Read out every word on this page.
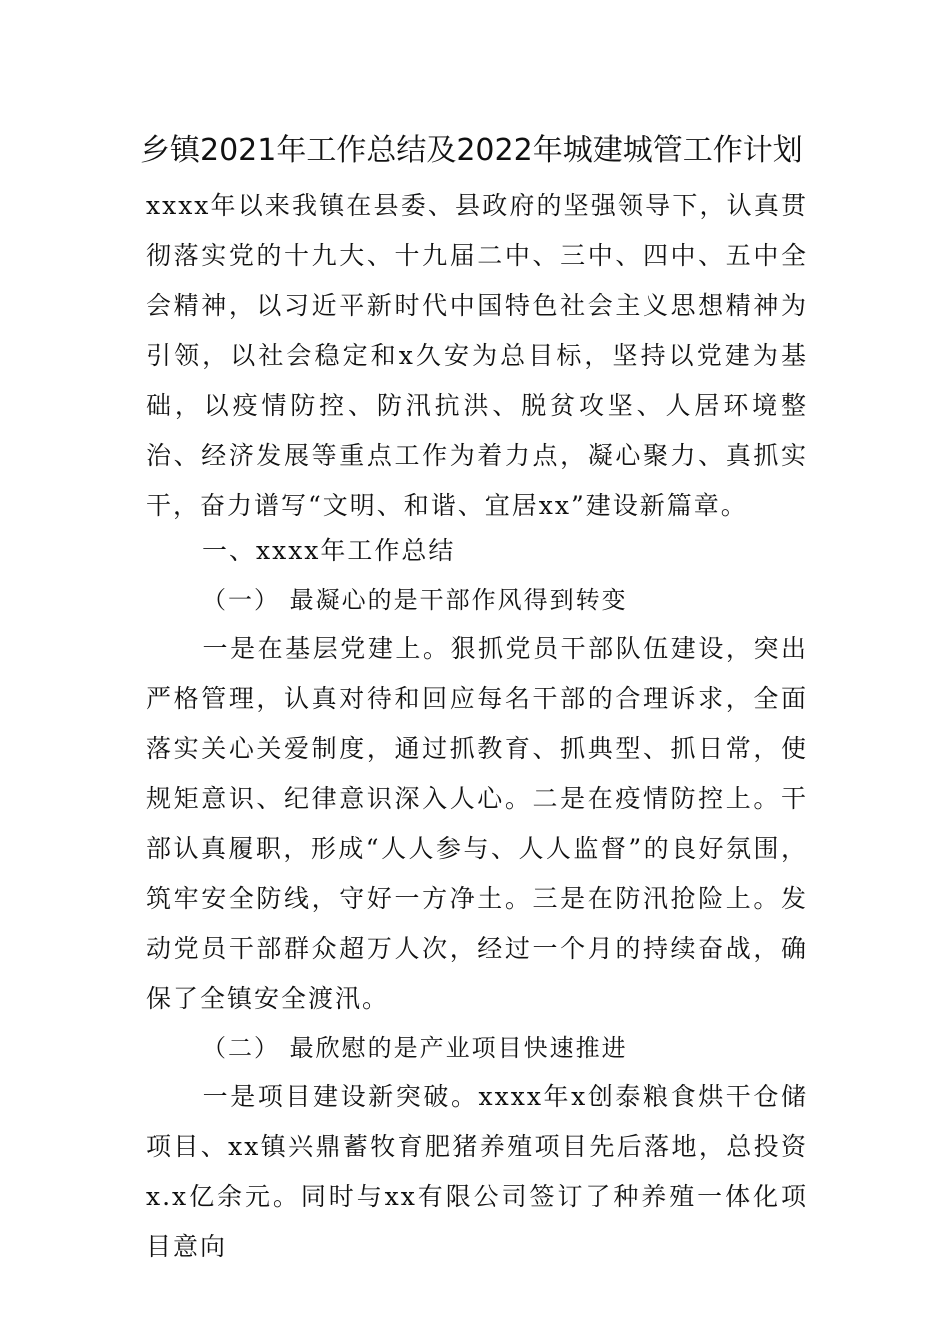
乡镇2021年工作总结及2022年城建城管工作计划
xxxx年以来我镇在县委、县政府的坚强领导下，认真贯彻落实党的十九大、十九届二中、三中、四中、五中全会精神，以习近平新时代中国特色社会主义思想精神为引领，以社会稳定和x久安为总目标，坚持以党建为基础，以疫情防控、防汛抗洪、脱贫攻坚、人居环境整治、经济发展等重点工作为着力点，凝心聚力、真抓实干，奋力谱写“文明、和谐、宜居xx”建设新篇章。
一、xxxx年工作总结
（一） 最凝心的是干部作风得到转变
一是在基层党建上。狠抓党员干部队伍建设，突出严格管理，认真对待和回应每名干部的合理诉求，全面落实关心关爱制度，通过抓教育、抓典型、抓日常，使规矩意识、纪律意识深入人心。二是在疫情防控上。干部认真履职，形成“人人参与、人人监督”的良好氛围，筑牢安全防线，守好一方净土。三是在防汛抢险上。发动党员干部群众超万人次，经过一个月的持续奋战，确保了全镇安全渡汛。
（二） 最欣慰的是产业项目快速推进
一是项目建设新突破。xxxx年x创泰粮食烘干仓储项目、xx镇兴鼎蓄牧育肥猪养殖项目先后落地，总投资x.x亿余元。同时与xx有限公司签订了种养殖一体化项目意向
